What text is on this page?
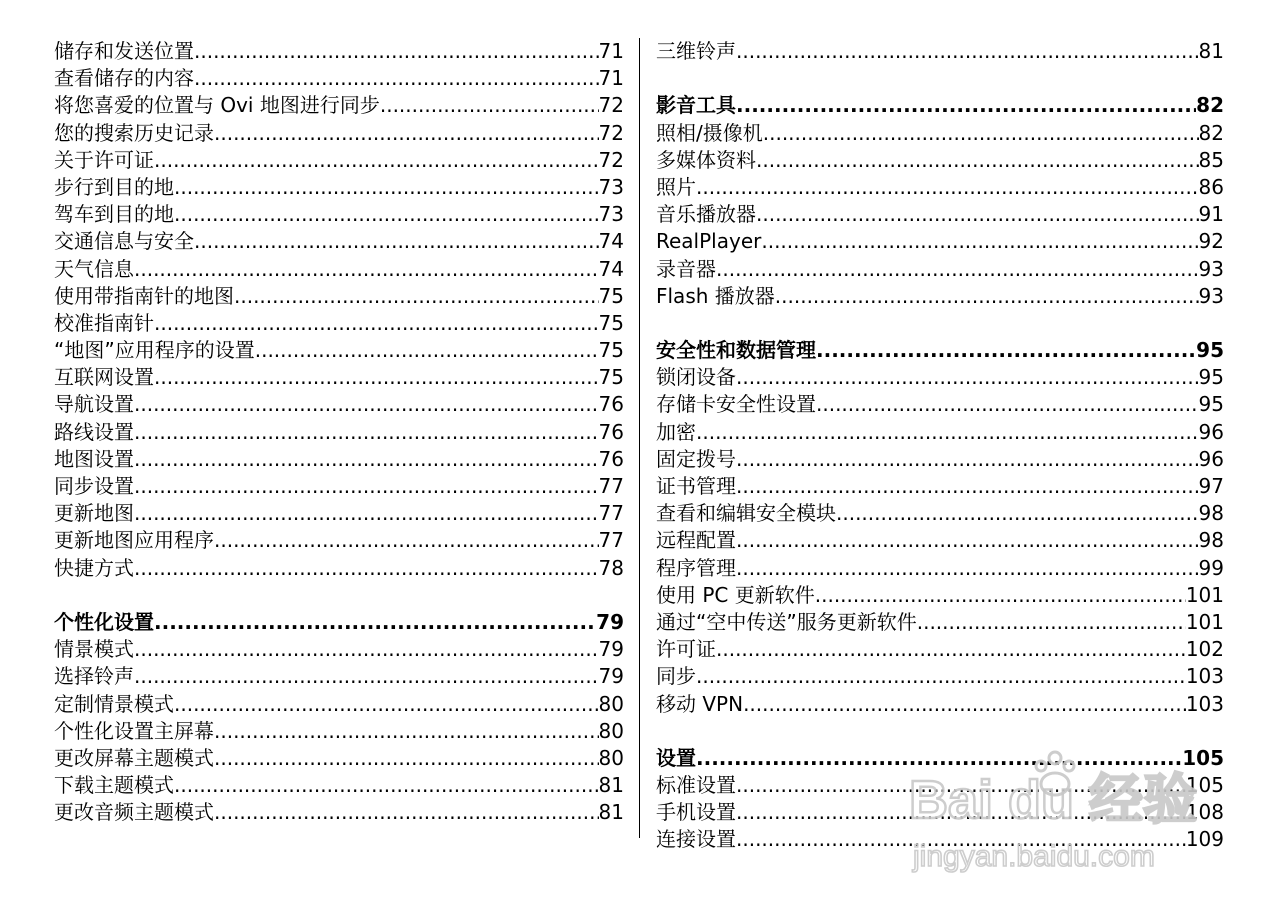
储存和发送位置 .....	71
查看储存的内容 .....	71
将您喜爱的位置与 Ovi 地图进行同步 .....	72
您的搜索历史记录 .....	72
关于许可证 .....	72
步行到目的地 .....	73
驾车到目的地 .....	73
交通信息与安全 .....	74
天气信息 .....	74
使用带指南针的地图 .....	75
校准指南针 .....	75
“地图”应用程序的设置 .....	75
互联网设置 .....	75
导航设置 .....	76
路线设置 .....	76
地图设置 .....	76
同步设置 .....	77
更新地图 .....	77
更新地图应用程序 .....	77
快捷方式 .....	78
个性化设置 .....	79
情景模式 .....	79
选择铃声 .....	79
定制情景模式 .....	80
个性化设置主屏幕 .....	80
更改屏幕主题模式 .....	80
下载主题模式 .....	81
更改音频主题模式 .....	81
三维铃声 .....	81
影音工具 .....	82
照相/摄像机 .....	82
多媒体资料 .....	85
照片 .....	86
音乐播放器 .....	91
RealPlayer .....	92
录音器 .....	93
Flash 播放器 .....	93
安全性和数据管理 .....	95
锁闭设备 .....	95
存储卡安全性设置 .....	95
加密 .....	96
固定拨号 .....	96
证书管理 .....	97
查看和编辑安全模块 .....	98
远程配置 .....	98
程序管理 .....	99
使用 PC 更新软件 .....	101
通过“空中传送”服务更新软件 .....	101
许可证 .....	102
同步 .....	103
移动 VPN .....	103
设置 .....	105
标准设置 .....	105
手机设置 .....	108
连接设置 .....	109
Bai du 经验
jingyan.baidu.com
